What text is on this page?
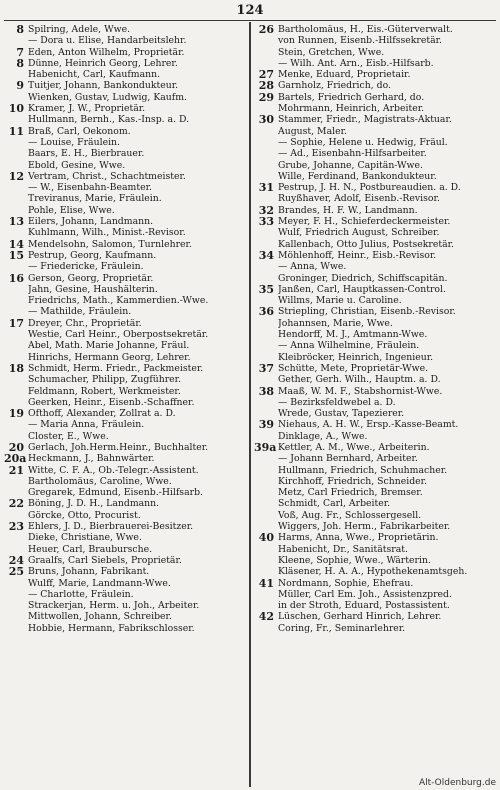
124
8 Spilring, Adele, Wwe.
— Dora u. Elise, Handarbeitslehr.
7 Eden, Anton Wilhelm, Proprietär.
8 Dünne, Heinrich Georg, Lehrer.
Habenicht, Carl, Kaufmann.
9 Tuitjer, Johann, Bankondukteur.
Wienken, Gustav, Ludwig, Kaufm.
10 Kramer, J. W., Proprietär.
Hullmann, Bernh., Kas.-Insp. a. D.
11 Braß, Carl, Oekonom.
— Louise, Fräulein.
Baars, E. H., Bierbrauer.
Ebold, Gesine, Wwe.
12 Vertram, Christ., Schachtmeister.
— W., Eisenbahn-Beamter.
Treviranus, Marie, Fräulein.
Pohle, Elise, Wwe.
13 Eilers, Johann, Landmann.
Kuhlmann, Wilh., Minist.-Revisor.
14 Mendelsohn, Salomon, Turnlehrer.
15 Pestrup, Georg, Kaufmann.
— Friedericke, Fräulein.
16 Gerson, Georg, Proprietär.
Jahn, Gesine, Haushälterin.
Friedrichs, Math., Kammerdien.-Wwe.
— Mathilde, Fräulein.
17 Dreyer, Chr., Proprietär.
Westie, Carl Heinr., Oberpostsekretär.
Abel, Math. Marie Johanne, Fräul.
Hinrichs, Hermann Georg, Lehrer.
18 Schmidt, Herm. Friedr., Packmeister.
Schumacher, Philipp, Zugführer.
Feldmann, Robert, Werkmeister.
Geerken, Heinr., Eisenb.-Schaffner.
19 Ofthoff, Alexander, Zollrat a. D.
— Maria Anna, Fräulein.
Closter, E., Wwe.
20 Gerlach, Joh.Herm.Heinr., Buchhalter.
20a Heckmann, J., Bahnwärter.
21 Witte, C. F. A., Ob.-Telegr.-Assistent.
Bartholomäus, Caroline, Wwe.
Gregarek, Edmund, Eisenb.-Hilfsarb.
22 Böning, J. D. H., Landmann.
Görcke, Otto, Procurist.
23 Ehlers, J. D., Bierbrauerei-Besitzer.
Dieke, Christiane, Wwe.
Heuer, Carl, Braubursche.
24 Graalfs, Carl Siebels, Proprietär.
25 Bruns, Johann, Fabrikant.
Wulff, Marie, Landmann-Wwe.
— Charlotte, Fräulein.
Strackerjan, Herm. u. Joh., Arbeiter.
Mittwollen, Johann, Schreiber.
Hobbie, Hermann, Fabrikschlosser.
26 Bartholomäus, H., Eis.-Güterverwalt.
von Runnen, Eisenb.-Hilfssekretär.
Stein, Gretchen, Wwe.
— Wilh. Ant. Arn., Eisb.-Hilfsarb.
27 Menke, Eduard, Proprietair.
28 Garnholz, Friedrich, do.
29 Bartels, Friedrich Gerhard, do.
Mohrmann, Heinrich, Arbeiter.
30 Stammer, Friedr., Magistrats-Aktuar.
August, Maler.
— Sophie, Helene u. Hedwig, Fräul.
— Ad., Eisenbahn-Hilfsarbeiter.
Grube, Johanne, Capitän-Wwe.
Wille, Ferdinand, Bankondukteur.
31 Pestrup, J. H. N., Postbureaudien. a. D.
Ruyßhaver, Adolf, Eisenb.-Revisor.
32 Brandes, H. F. W., Landmann.
33 Meyer, F. H., Schieferdeckermeister.
Wulf, Friedrich August, Schreiber.
Kallenbach, Otto Julius, Postsekretär.
34 Möhlenhoff, Heinr., Eisb.-Revisor.
— Anna, Wwe.
Groninger, Diedrich, Schiffscapitän.
35 Janßen, Carl, Hauptkassen-Control.
Willms, Marie u. Caroline.
36 Striepling, Christian, Eisenb.-Revisor.
Johannsen, Marie, Wwe.
Hendorff, M. J., Amtmann-Wwe.
— Anna Wilhelmine, Fräulein.
Kleibröcker, Heinrich, Ingenieur.
37 Schütte, Mete, Proprietär-Wwe.
Gether, Gerh. Wilh., Hauptm. a. D.
38 Maaß, W. M. F., Stabshornist-Wwe.
— Bezirksfeldwebel a. D.
Wrede, Gustav, Tapezierer.
39 Niehaus, A. H. W., Ersp.-Kasse-Beamt.
Dinklage, A., Wwe.
39a Kettler, A. M., Wwe., Arbeiterin.
— Johann Bernhard, Arbeiter.
Hullmann, Friedrich, Schuhmacher.
Kirchhoff, Friedrich, Schneider.
Metz, Carl Friedrich, Bremser.
Schmidt, Carl, Arbeiter.
Voß, Aug. Fr., Schlossergesell.
Wiggers, Joh. Herm., Fabrikarbeiter.
40 Harms, Anna, Wwe., Proprietärin.
Habenicht, Dr., Sanitätsrat.
Kleene, Sophie, Wwe., Wärterin.
Kläsener, H. A. A., Hypothekenamtsgeh.
41 Nordmann, Sophie, Ehefrau.
Müller, Carl Em. Joh., Assistenzpred.
in der Stroth, Eduard, Postassistent.
42 Lüschen, Gerhard Hinrich, Lehrer.
Coring, Fr., Seminarlehrer.
Alt-Oldenburg.de
